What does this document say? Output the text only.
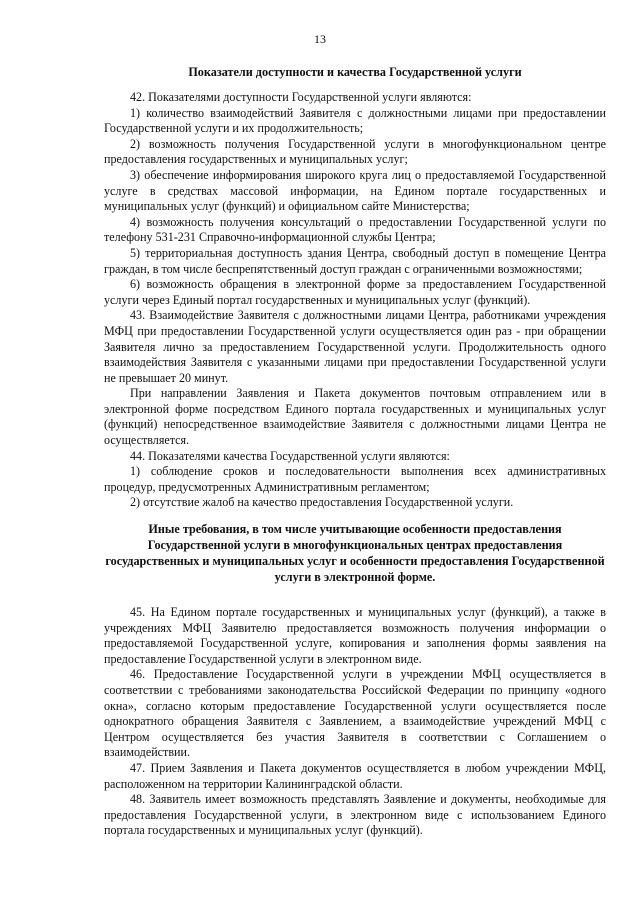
13

Показатели доступности и качества Государственной услуги

42. Показателями доступности Государственной услуги являются:

1) количество взаимодействий Заявителя с должностными лицами при предоставлении Государственной услуги и их продолжительность;

2) возможность получения Государственной услуги в многофункциональном центре предоставления государственных и муниципальных услуг;

3) обеспечение информирования широкого круга лиц о предоставляемой Государственной услуге в средствах массовой информации, на Едином портале государственных и муниципальных услуг (функций) и официальном сайте Министерства;

4) возможность получения консультаций о предоставлении Государственной услуги по телефону 531-231 Справочно-информационной службы Центра;

5) территориальная доступность здания Центра, свободный доступ в помещение Центра граждан, в том числе беспрепятственный доступ граждан с ограниченными возможностями;

6) возможность обращения в электронной форме за предоставлением Государственной услуги через Единый портал государственных и муниципальных услуг (функций).

43. Взаимодействие Заявителя с должностными лицами Центра, работниками учреждения МФЦ при предоставлении Государственной услуги осуществляется один раз - при обращении Заявителя лично за предоставлением Государственной услуги. Продолжительность одного взаимодействия Заявителя с указанными лицами при предоставлении Государственной услуги не превышает 20 минут.

При направлении Заявления и Пакета документов почтовым отправлением или в электронной форме посредством Единого портала государственных и муниципальных услуг (функций) непосредственное взаимодействие Заявителя с должностными лицами Центра не осуществляется.

44. Показателями качества Государственной услуги являются:

1) соблюдение сроков и последовательности выполнения всех административных процедур, предусмотренных Административным регламентом;

2) отсутствие жалоб на качество предоставления Государственной услуги.

Иные требования, в том числе учитывающие особенности предоставления Государственной услуги в многофункциональных центрах предоставления государственных и муниципальных услуг и особенности предоставления Государственной услуги в электронной форме.

45. На Едином портале государственных и муниципальных услуг (функций), а также в учреждениях МФЦ Заявителю предоставляется возможность получения информации о предоставляемой Государственной услуге, копирования и заполнения формы заявления на предоставление Государственной услуги в электронном виде.

46. Предоставление Государственной услуги в учреждении МФЦ осуществляется в соответствии с требованиями законодательства Российской Федерации по принципу «одного окна», согласно которым предоставление Государственной услуги осуществляется после однократного обращения Заявителя с Заявлением, а взаимодействие учреждений МФЦ с Центром осуществляется без участия Заявителя в соответствии с Соглашением о взаимодействии.

47. Прием Заявления и Пакета документов осуществляется в любом учреждении МФЦ, расположенном на территории Калининградской области.

48. Заявитель имеет возможность представлять Заявление и документы, необходимые для предоставления Государственной услуги, в электронном виде с использованием Единого портала государственных и муниципальных услуг (функций).
